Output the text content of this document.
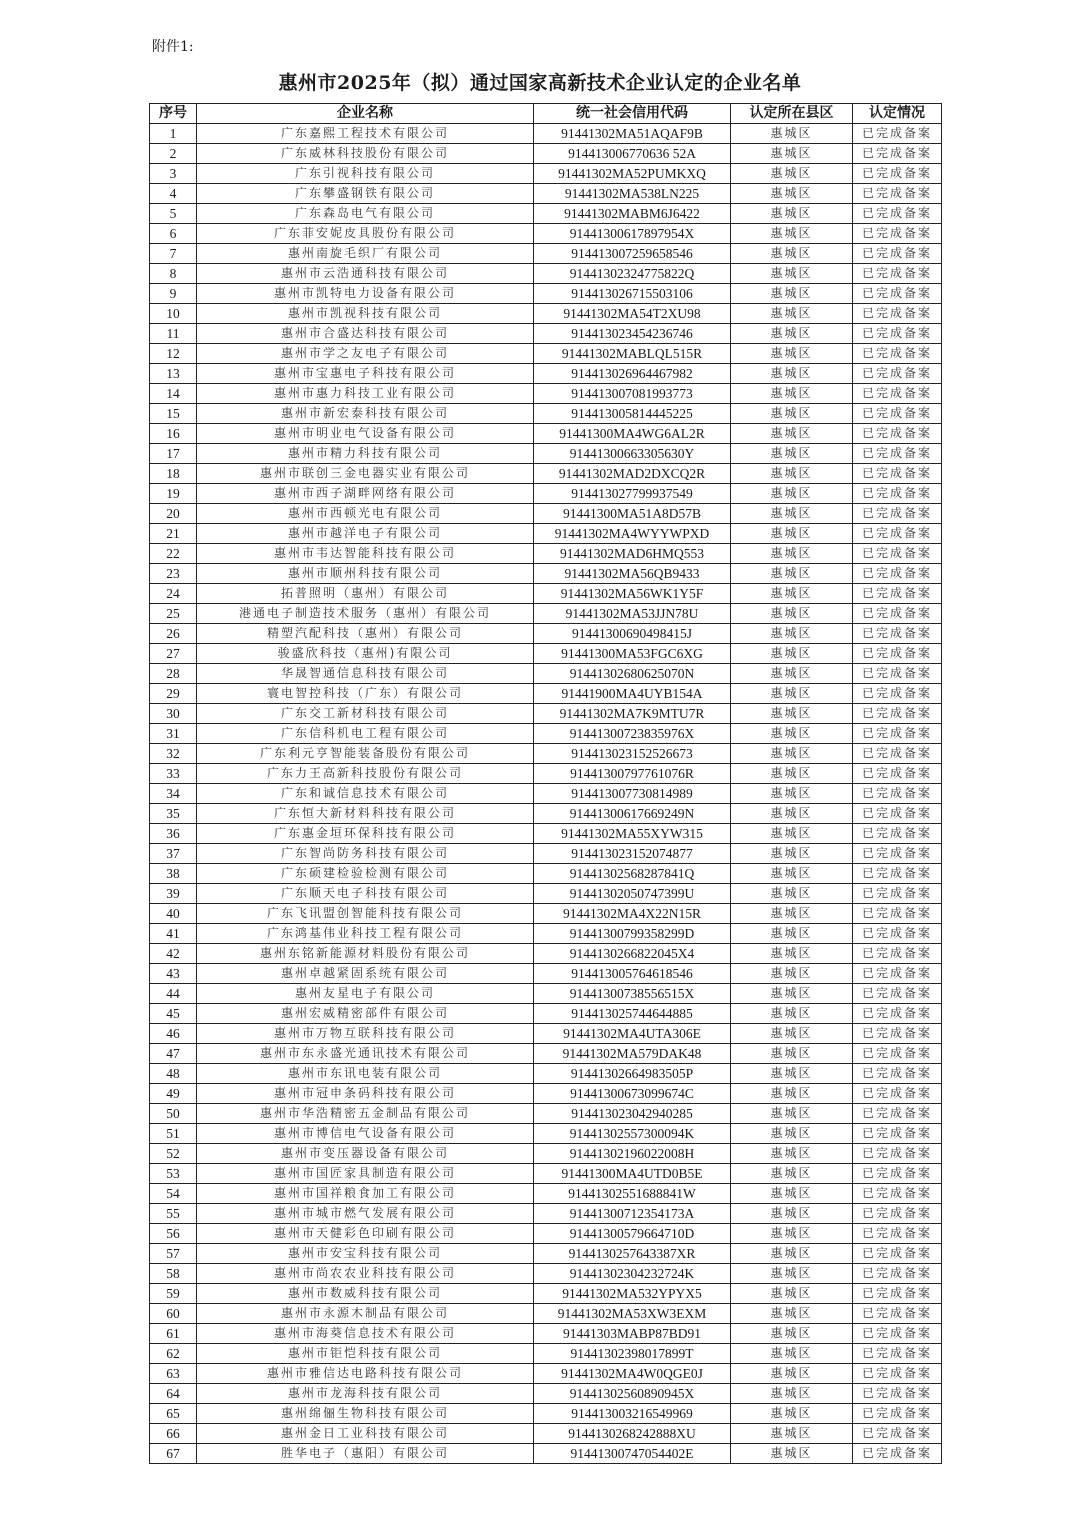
附件1:
惠州市2025年（拟）通过国家高新技术企业认定的企业名单
序号	企业名称	统一社会信用代码	认定所在县区	认定情况
1	广东嘉熙工程技术有限公司	91441302MA51AQAF9B	惠城区	已完成备案
2	广东威林科技股份有限公司	914413006770636 52A	惠城区	已完成备案
3	广东引视科技有限公司	91441302MA52PUMKXQ	惠城区	已完成备案
4	广东攀盛钢铁有限公司	91441302MA538LN225	惠城区	已完成备案
5	广东森岛电气有限公司	91441302MABM6J6422	惠城区	已完成备案
6	广东菲安妮皮具股份有限公司	91441300617897954X	惠城区	已完成备案
7	惠州南旋毛织厂有限公司	914413007259658546	惠城区	已完成备案
8	惠州市云浩通科技有限公司	91441302324775822Q	惠城区	已完成备案
9	惠州市凯特电力设备有限公司	914413026715503106	惠城区	已完成备案
10	惠州市凯视科技有限公司	91441302MA54T2XU98	惠城区	已完成备案
11	惠州市合盛达科技有限公司	914413023454236746	惠城区	已完成备案
12	惠州市学之友电子有限公司	91441302MABLQL515R	惠城区	已完成备案
13	惠州市宝惠电子科技有限公司	914413026964467982	惠城区	已完成备案
14	惠州市惠力科技工业有限公司	914413007081993773	惠城区	已完成备案
15	惠州市新宏泰科技有限公司	914413005814445225	惠城区	已完成备案
16	惠州市明业电气设备有限公司	91441300MA4WG6AL2R	惠城区	已完成备案
17	惠州市精力科技有限公司	91441300663305630Y	惠城区	已完成备案
18	惠州市联创三金电器实业有限公司	91441302MAD2DXCQ2R	惠城区	已完成备案
19	惠州市西子湖畔网络有限公司	914413027799937549	惠城区	已完成备案
20	惠州市西顿光电有限公司	91441300MA51A8D57B	惠城区	已完成备案
21	惠州市越洋电子有限公司	91441302MA4WYYWPXD	惠城区	已完成备案
22	惠州市韦达智能科技有限公司	91441302MAD6HMQ553	惠城区	已完成备案
23	惠州市顺州科技有限公司	91441302MA56QB9433	惠城区	已完成备案
24	拓普照明（惠州）有限公司	91441302MA56WK1Y5F	惠城区	已完成备案
25	港通电子制造技术服务（惠州）有限公司	91441302MA53JJN78U	惠城区	已完成备案
26	精塑汽配科技（惠州）有限公司	91441300690498415J	惠城区	已完成备案
27	骏盛欣科技（惠州)有限公司	91441300MA53FGC6XG	惠城区	已完成备案
28	华晟智通信息科技有限公司	91441302680625070N	惠城区	已完成备案
29	寰电智控科技（广东）有限公司	91441900MA4UYB154A	惠城区	已完成备案
30	广东交工新材科技有限公司	91441302MA7K9MTU7R	惠城区	已完成备案
31	广东信科机电工程有限公司	91441300723835976X	惠城区	已完成备案
32	广东利元亨智能装备股份有限公司	914413023152526673	惠城区	已完成备案
33	广东力王高新科技股份有限公司	91441300797761076R	惠城区	已完成备案
34	广东和诚信息技术有限公司	914413007730814989	惠城区	已完成备案
35	广东恒大新材料科技有限公司	91441300617669249N	惠城区	已完成备案
36	广东惠金垣环保科技有限公司	91441302MA55XYW315	惠城区	已完成备案
37	广东智尚防务科技有限公司	914413023152074877	惠城区	已完成备案
38	广东硕建检验检测有限公司	91441302568287841Q	惠城区	已完成备案
39	广东顺天电子科技有限公司	91441302050747399U	惠城区	已完成备案
40	广东飞讯盟创智能科技有限公司	91441302MA4X22N15R	惠城区	已完成备案
41	广东鸿基伟业科技工程有限公司	91441300799358299D	惠城区	已完成备案
42	惠州东铭新能源材料股份有限公司	9144130266822045X4	惠城区	已完成备案
43	惠州卓越紧固系统有限公司	914413005764618546	惠城区	已完成备案
44	惠州友星电子有限公司	91441300738556515X	惠城区	已完成备案
45	惠州宏威精密部件有限公司	914413025744644885	惠城区	已完成备案
46	惠州市万物互联科技有限公司	91441302MA4UTA306E	惠城区	已完成备案
47	惠州市东永盛光通讯技术有限公司	91441302MA579DAK48	惠城区	已完成备案
48	惠州市东讯电装有限公司	91441302664983505P	惠城区	已完成备案
49	惠州市冠申条码科技有限公司	91441300673099674C	惠城区	已完成备案
50	惠州市华浩精密五金制品有限公司	914413023042940285	惠城区	已完成备案
51	惠州市博信电气设备有限公司	91441302557300094K	惠城区	已完成备案
52	惠州市变压器设备有限公司	91441302196022008H	惠城区	已完成备案
53	惠州市国匠家具制造有限公司	91441300MA4UTD0B5E	惠城区	已完成备案
54	惠州市国祥粮食加工有限公司	91441302551688841W	惠城区	已完成备案
55	惠州市城市燃气发展有限公司	91441300712354173A	惠城区	已完成备案
56	惠州市天健彩色印刷有限公司	91441300579664710D	惠城区	已完成备案
57	惠州市安宝科技有限公司	9144130257643387XR	惠城区	已完成备案
58	惠州市尚农农业科技有限公司	91441302304232724K	惠城区	已完成备案
59	惠州市数威科技有限公司	91441302MA532YPYX5	惠城区	已完成备案
60	惠州市永源木制品有限公司	91441302MA53XW3EXM	惠城区	已完成备案
61	惠州市海葵信息技术有限公司	91441303MABP87BD91	惠城区	已完成备案
62	惠州市钜恺科技有限公司	91441302398017899T	惠城区	已完成备案
63	惠州市雅信达电路科技有限公司	91441302MA4W0QGE0J	惠城区	已完成备案
64	惠州市龙海科技有限公司	91441302560890945X	惠城区	已完成备案
65	惠州绵俪生物科技有限公司	914413003216549969	惠城区	已完成备案
66	惠州金日工业科技有限公司	9144130268242888XU	惠城区	已完成备案
67	胜华电子（惠阳）有限公司	91441300747054402E	惠城区	已完成备案
